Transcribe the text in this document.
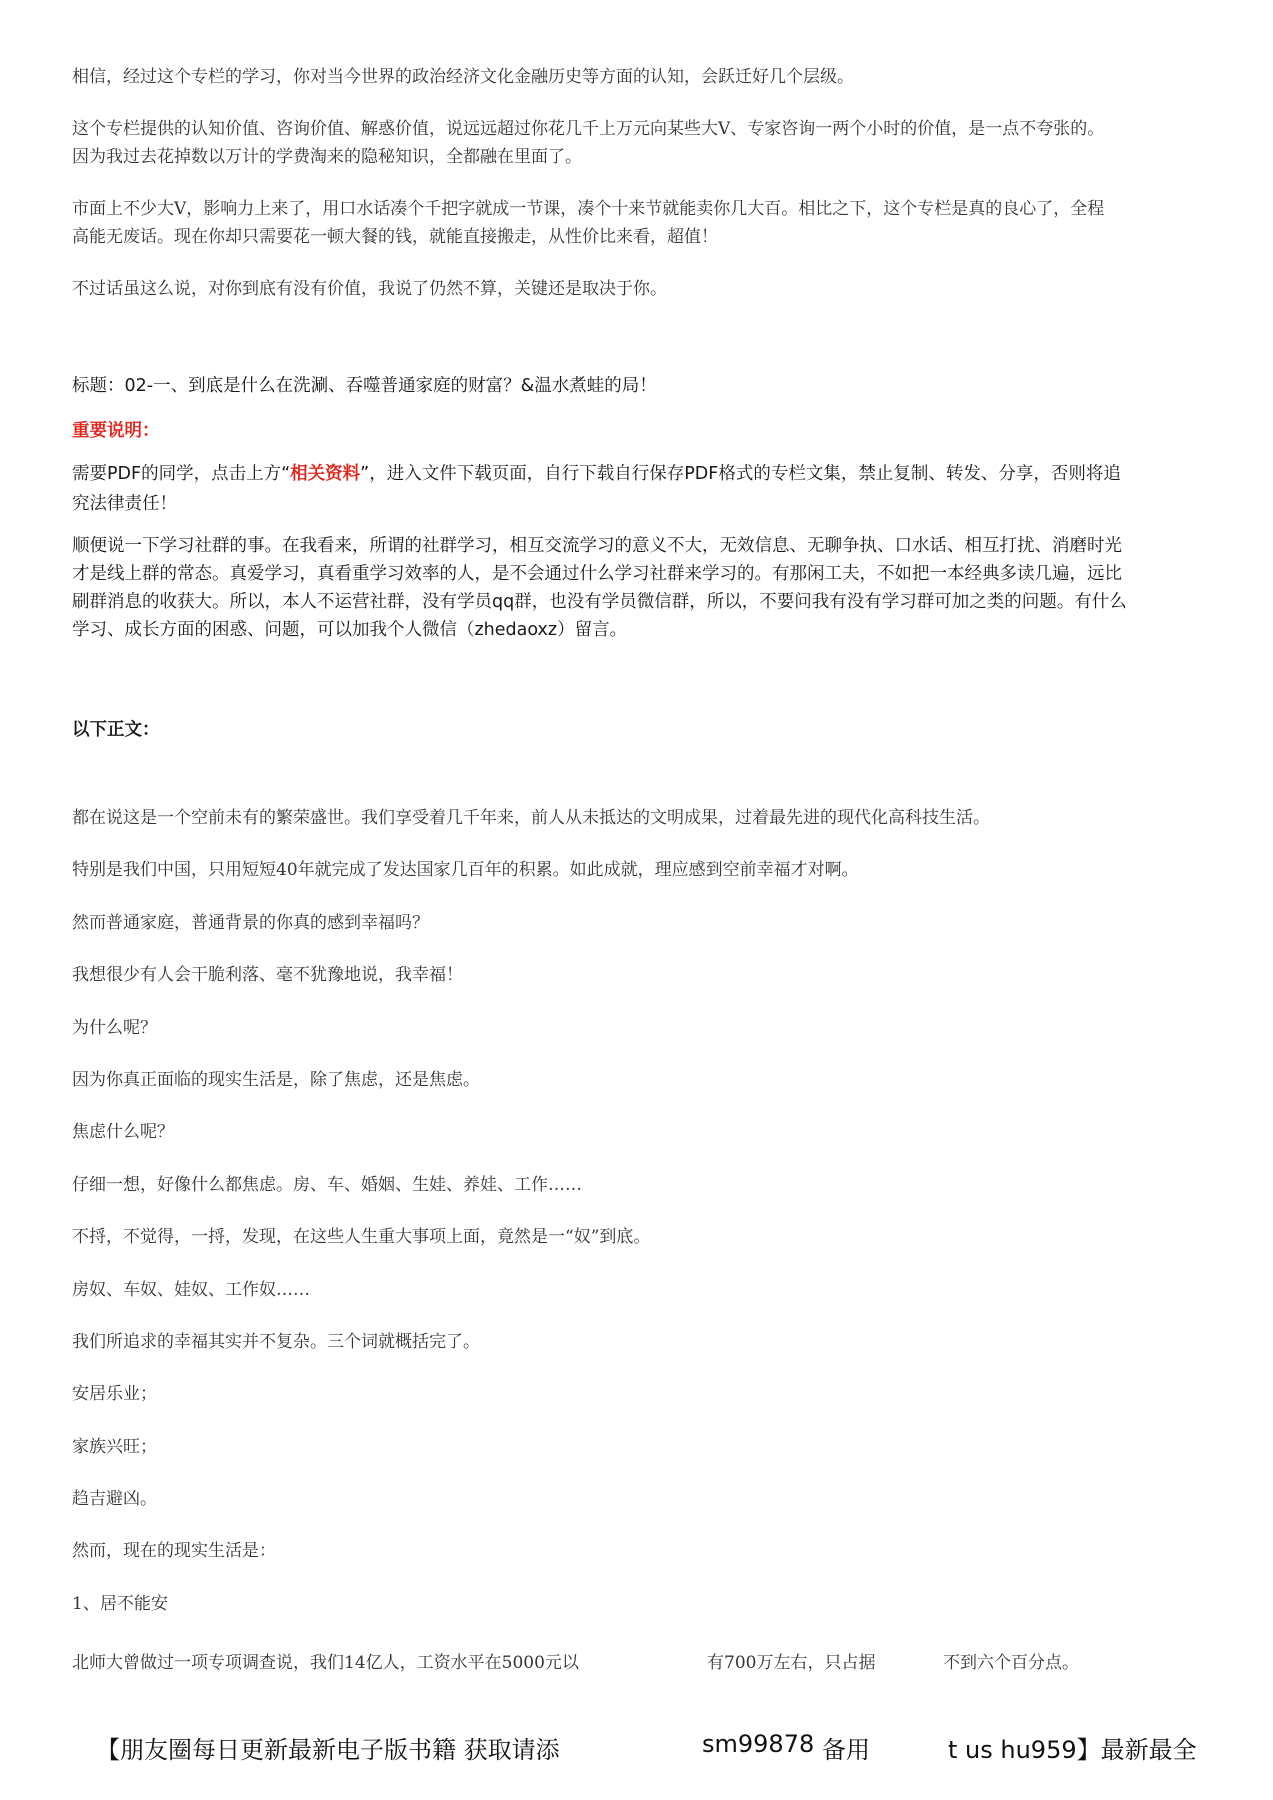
相信，经过这个专栏的学习，你对当今世界的政治经济文化金融历史等方面的认知，会跃迁好几个层级。

这个专栏提供的认知价值、咨询价值、解惑价值，说远远超过你花几千上万元向某些大V、专家咨询一两个小时的价值，是一点不夸张的。

因为我过去花掉数以万计的学费淘来的隐秘知识，全都融在里面了。

市面上不少大V，影响力上来了，用口水话凑个千把字就成一节课，凑个十来节就能卖你几大百。相比之下，这个专栏是真的良心了，全程

高能无废话。现在你却只需要花一顿大餐的钱，就能直接搬走，从性价比来看，超值！

不过话虽这么说，对你到底有没有价值，我说了仍然不算，关键还是取决于你。

标题：02-一、到底是什么在洗涮、吞噬普通家庭的财富？&温水煮蛙的局！

重要说明：

需要PDF的同学，点击上方“相关资料”，进入文件下载页面，自行下载自行保存PDF格式的专栏文集，禁止复制、转发、分享，否则将追

究法律责任！

顺便说一下学习社群的事。在我看来，所谓的社群学习，相互交流学习的意义不大，无效信息、无聊争执、口水话、相互打扰、消磨时光

才是线上群的常态。真爱学习，真看重学习效率的人，是不会通过什么学习社群来学习的。有那闲工夫，不如把一本经典多读几遍，远比

刷群消息的收获大。所以，本人不运营社群，没有学员qq群，也没有学员微信群，所以，不要问我有没有学习群可加之类的问题。有什么

学习、成长方面的困惑、问题，可以加我个人微信（zhedaoxz）留言。

以下正文：

都在说这是一个空前未有的繁荣盛世。我们享受着几千年来，前人从未抵达的文明成果，过着最先进的现代化高科技生活。
特别是我们中国，只用短短40年就完成了发达国家几百年的积累。如此成就，理应感到空前幸福才对啊。
然而普通家庭，普通背景的你真的感到幸福吗？
我想很少有人会干脆利落、毫不犹豫地说，我幸福！
为什么呢？
因为你真正面临的现实生活是，除了焦虑，还是焦虑。
焦虑什么呢？
仔细一想，好像什么都焦虑。房、车、婚姻、生娃、养娃、工作……
不捋，不觉得，一捋，发现，在这些人生重大事项上面，竟然是一“奴”到底。
房奴、车奴、娃奴、工作奴……
我们所追求的幸福其实并不复杂。三个词就概括完了。
安居乐业；
家族兴旺；
趋吉避凶。
然而，现在的现实生活是：
1、居不能安

北师大曾做过一项专项调查说，我们14亿人，工资水平在5000元以	有700万左右，只占据	不到六个百分点。

【朋友圈每日更新最新电子版书籍 获取请添	sm99878 备用	t us hu959】最新最全
